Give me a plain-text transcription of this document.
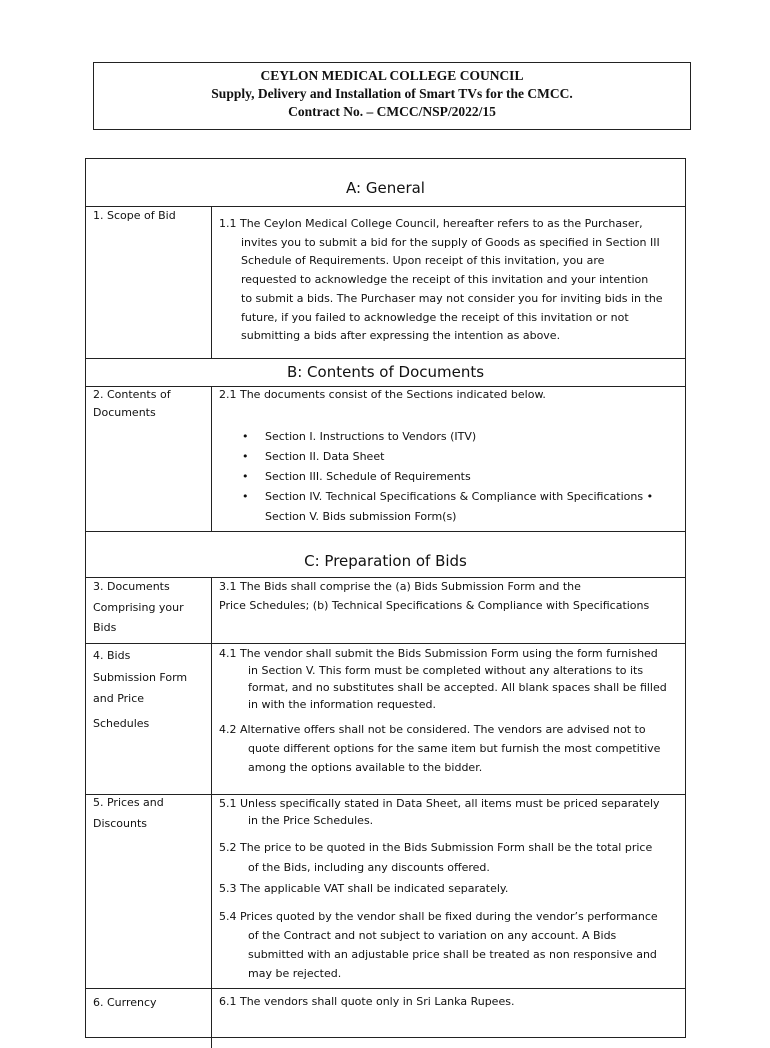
CEYLON MEDICAL COLLEGE COUNCIL
Supply, Delivery and Installation of Smart TVs for the CMCC.
Contract No. – CMCC/NSP/2022/15
A: General
1. Scope of Bid
1.1 The Ceylon Medical College Council, hereafter refers to as the Purchaser,
invites you to submit a bid for the supply of Goods as specified in Section III
Schedule of Requirements. Upon receipt of this invitation, you are
requested to acknowledge the receipt of this invitation and your intention
to submit a bids. The Purchaser may not consider you for inviting bids in the
future, if you failed to acknowledge the receipt of this invitation or not
submitting a bids after expressing the intention as above.
B: Contents of Documents
2. Contents of
Documents
2.1 The documents consist of the Sections indicated below.
• Section I. Instructions to Vendors (ITV)
• Section II. Data Sheet
• Section III. Schedule of Requirements
• Section IV. Technical Specifications & Compliance with Specifications •
Section V. Bids submission Form(s)
C: Preparation of Bids
3. Documents
Comprising your
Bids
3.1 The Bids shall comprise the (a) Bids Submission Form and the
Price Schedules; (b) Technical Specifications & Compliance with Specifications
4. Bids
Submission Form
and Price
Schedules
4.1 The vendor shall submit the Bids Submission Form using the form furnished
in Section V. This form must be completed without any alterations to its
format, and no substitutes shall be accepted. All blank spaces shall be filled
in with the information requested.
4.2 Alternative offers shall not be considered. The vendors are advised not to
quote different options for the same item but furnish the most competitive
among the options available to the bidder.
5. Prices and
Discounts
5.1 Unless specifically stated in Data Sheet, all items must be priced separately
in the Price Schedules.
5.2 The price to be quoted in the Bids Submission Form shall be the total price
of the Bids, including any discounts offered.
5.3 The applicable VAT shall be indicated separately.
5.4 Prices quoted by the vendor shall be fixed during the vendor’s performance
of the Contract and not subject to variation on any account. A Bids
submitted with an adjustable price shall be treated as non responsive and
may be rejected.
6. Currency	6.1 The vendors shall quote only in Sri Lanka Rupees.
